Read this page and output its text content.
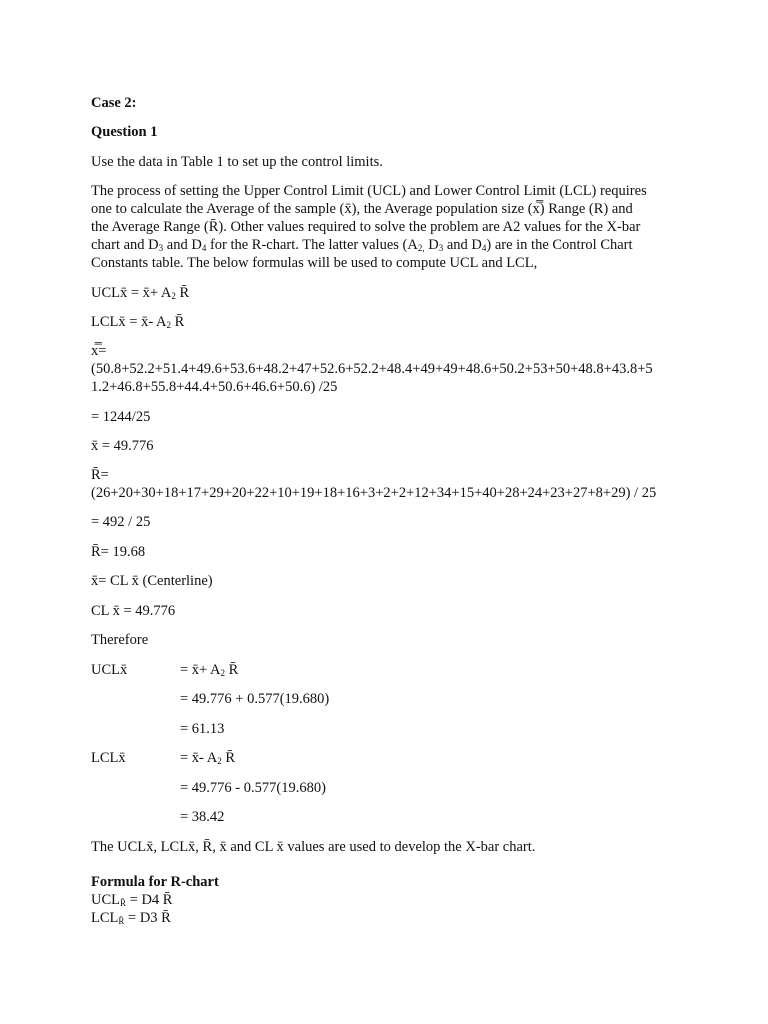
Case 2:
Question 1
Use the data in Table 1 to set up the control limits.
The process of setting the Upper Control Limit (UCL) and Lower Control Limit (LCL) requires
one to calculate the Average of the sample (x̄), the Average population size (x̿) Range (R) and
the Average Range (R̄). Other values required to solve the problem are A2 values for the X-bar
chart and $D_3$ and $D_4$ for the R-chart. The latter values ($A_{2,}$ $D_3$ and $D_4$) are in the Control Chart
Constants table. The below formulas will be used to compute UCL and LCL,
UCLx̄ = x̄+ $A_2$ R̄
LCLx̄ = x̄- $A_2$ R̄
x̿=
(50.8+52.2+51.4+49.6+53.6+48.2+47+52.6+52.2+48.4+49+49+48.6+50.2+53+50+48.8+43.8+5
1.2+46.8+55.8+44.4+50.6+46.6+50.6) /25
= 1244/25
x̄ = 49.776
R̄=
(26+20+30+18+17+29+20+22+10+19+18+16+3+2+2+12+34+15+40+28+24+23+27+8+29) / 25
= 492 / 25
R̄= 19.68
x̄= CL x̄ (Centerline)
CL x̄ = 49.776
Therefore
UCLx̄	= x̄+ $A_2$ R̄
= 49.776 + 0.577(19.680)
= 61.13
LCLx̄	= x̄- $A_2$ R̄
= 49.776 - 0.577(19.680)
= 38.42
The UCLx̄, LCLx̄, R̄, x̄ and CL x̄ values are used to develop the X-bar chart.
Formula for R-chart
$UCL_{R̄} = D4$ R̄
$LCL_{R̄} = D3$ R̄
